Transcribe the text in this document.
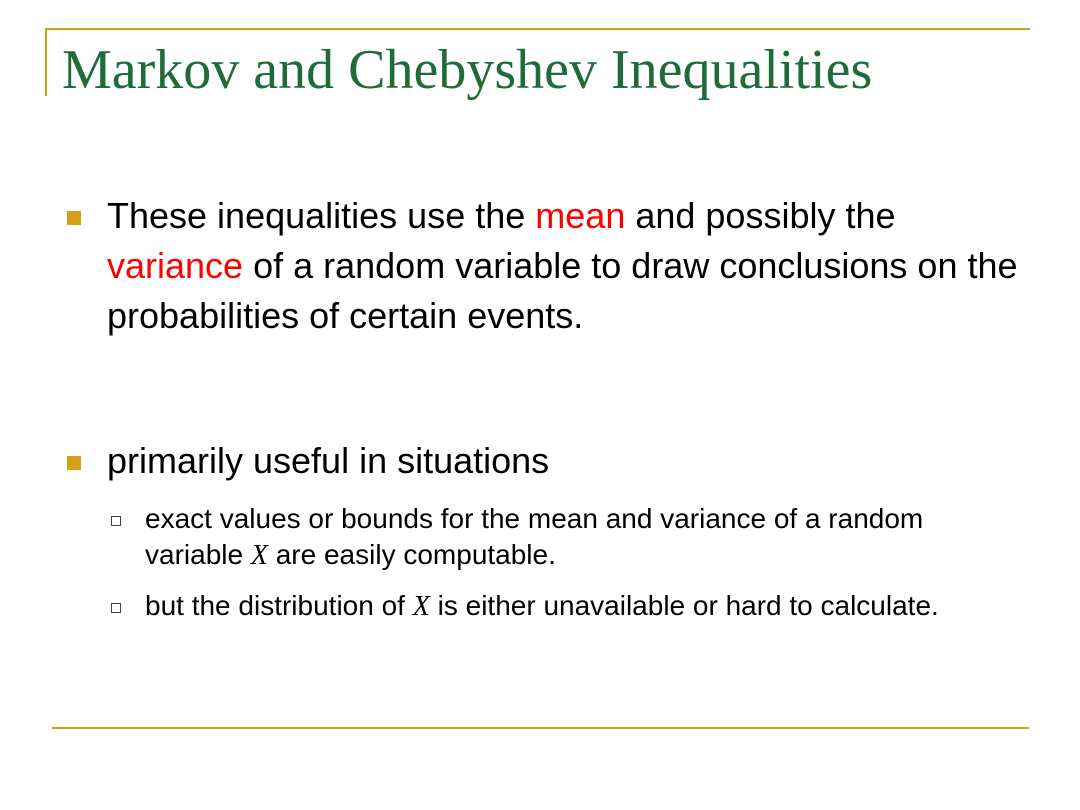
Markov and Chebyshev Inequalities
These inequalities use the mean and possibly the variance of a random variable to draw conclusions on the probabilities of certain events.
primarily useful in situations
exact values or bounds for the mean and variance of a random variable X are easily computable.
but the distribution of X is either unavailable or hard to calculate.
